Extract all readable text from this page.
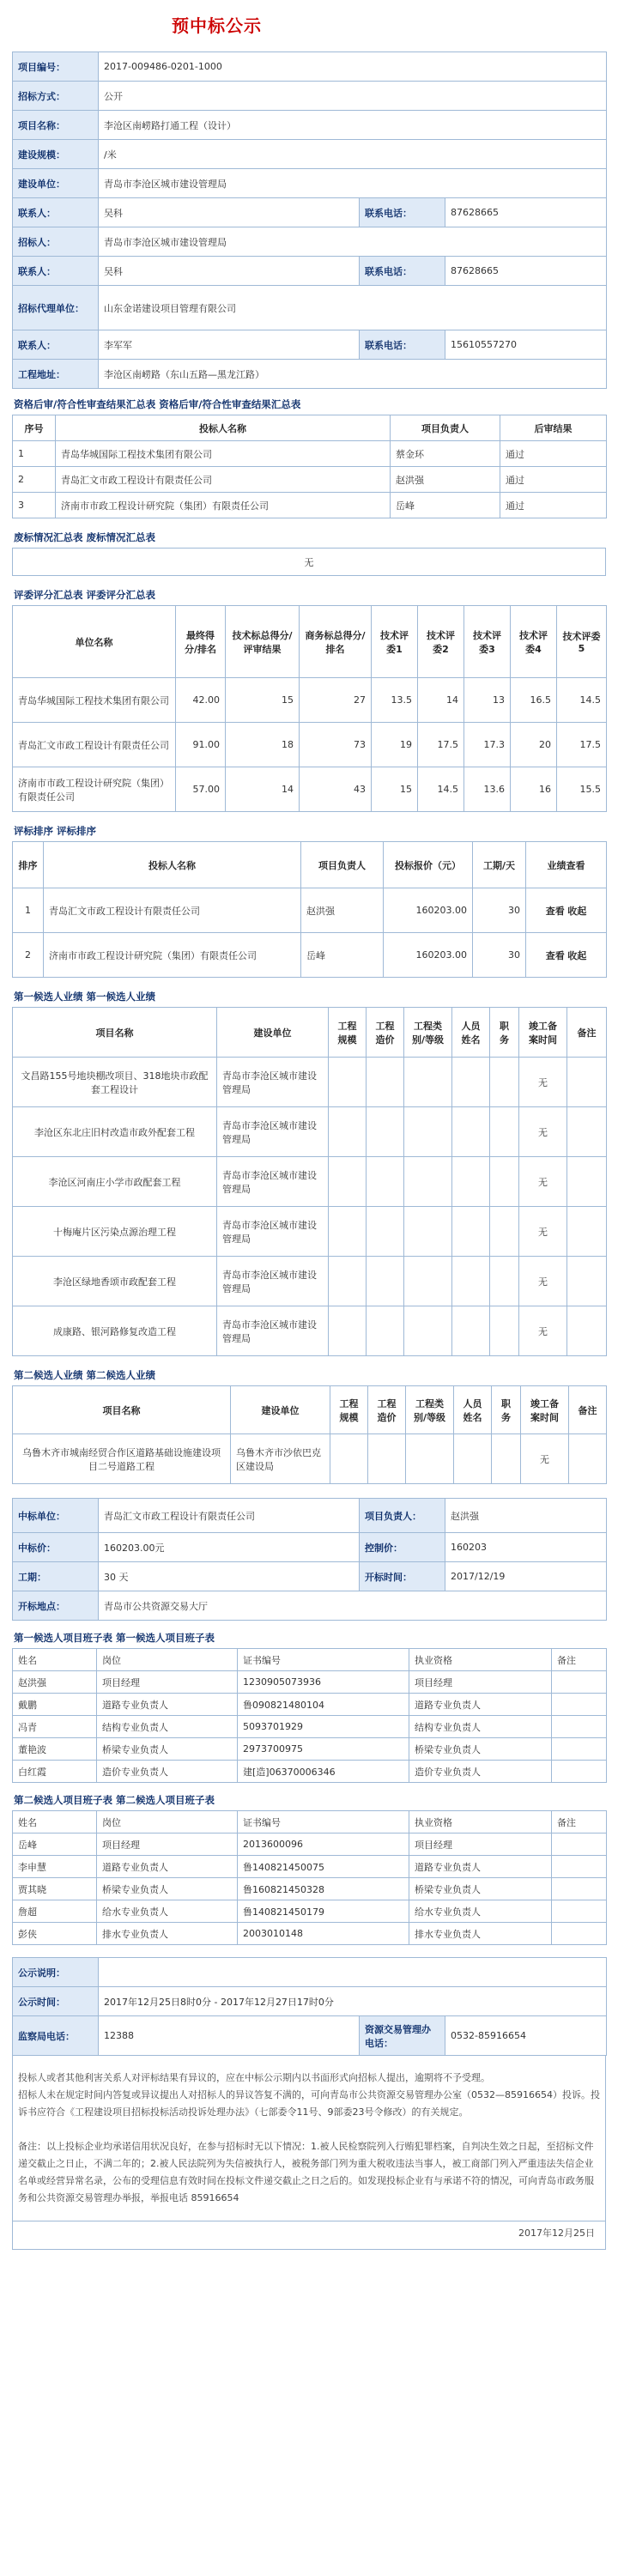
预中标公示
项目编号：	2017-009486-0201-1000		
招标方式：	公开		
项目名称：	李沧区南崂路打通工程（设计）		
建设规模：	/米		
建设单位：	青岛市李沧区城市建设管理局		
联系人：	吴科	联系电话：	87628665
招标人：	青岛市李沧区城市建设管理局		
联系人：	吴科	联系电话：	87628665
招标代理单位：	山东金诺建设项目管理有限公司		
联系人：	李军军	联系电话：	15610557270
工程地址：	李沧区南崂路（东山五路—黑龙江路）		
资格后审/符合性审查结果汇总表 资格后审/符合性审查结果汇总表
序号	投标人名称	项目负责人	后审结果
1	青岛华城国际工程技术集团有限公司	蔡金环	通过
2	青岛汇文市政工程设计有限责任公司	赵洪强	通过
3	济南市市政工程设计研究院（集团）有限责任公司	岳峰	通过
废标情况汇总表 废标情况汇总表
无
评委评分汇总表 评委评分汇总表
单位名称	最终得分/排名	技术标总得分/评审结果	商务标总得分/排名	技术评委1	技术评委2	技术评委3	技术评委4	技术评委5
青岛华城国际工程技术集团有限公司	42.00	15	27	13.5	14	13	16.5	14.5
青岛汇文市政工程设计有限责任公司	91.00	18	73	19	17.5	17.3	20	17.5
济南市市政工程设计研究院（集团）有限责任公司	57.00	14	43	15	14.5	13.6	16	15.5
评标排序 评标排序
排序	投标人名称	项目负责人	投标报价（元）	工期/天	业绩查看
1	青岛汇文市政工程设计有限责任公司	赵洪强	160203.00	30	查看 收起
2	济南市市政工程设计研究院（集团）有限责任公司	岳峰	160203.00	30	查看 收起
第一候选人业绩 第一候选人业绩
项目名称	建设单位	工程规模	工程造价	工程类别/等级	人员姓名	职务	竣工备案时间	备注
文昌路155号地块棚改项目、318地块市政配套工程设计	青岛市李沧区城市建设管理局						无	
李沧区东北庄旧村改造市政外配套工程	青岛市李沧区城市建设管理局						无	
李沧区河南庄小学市政配套工程	青岛市李沧区城市建设管理局						无	
十梅庵片区污染点源治理工程	青岛市李沧区城市建设管理局						无	
李沧区绿地香颂市政配套工程	青岛市李沧区城市建设管理局						无	
成康路、银河路修复改造工程	青岛市李沧区城市建设管理局						无	
第二候选人业绩 第二候选人业绩
项目名称	建设单位	工程规模	工程造价	工程类别/等级	人员姓名	职务	竣工备案时间	备注
乌鲁木齐市城南经贸合作区道路基础设施建设项目二号道路工程	乌鲁木齐市沙依巴克区建设局						无	
中标单位：	青岛汇文市政工程设计有限责任公司	项目负责人：	赵洪强
中标价：	160203.00元	控制价：	160203
工期：	30 天	开标时间：	2017/12/19
开标地点：	青岛市公共资源交易大厅		
第一候选人项目班子表 第一候选人项目班子表
姓名	岗位	证书编号	执业资格	备注
赵洪强	项目经理	1230905073936	项目经理	
戴鹏	道路专业负责人	鲁090821480104	道路专业负责人	
冯青	结构专业负责人	5093701929	结构专业负责人	
董艳波	桥梁专业负责人	2973700975	桥梁专业负责人	
白红霞	造价专业负责人	建[造]06370006346	造价专业负责人	
第二候选人项目班子表 第二候选人项目班子表
姓名	岗位	证书编号	执业资格	备注
岳峰	项目经理	2013600096	项目经理	
李申慧	道路专业负责人	鲁140821450075	道路专业负责人	
贾其晓	桥梁专业负责人	鲁160821450328	桥梁专业负责人	
詹超	给水专业负责人	鲁140821450179	给水专业负责人	
彭侠	排水专业负责人	2003010148	排水专业负责人	
公示说明：			
公示时间：	2017年12月25日8时0分 - 2017年12月27日17时0分		
监察局电话：	12388	资源交易管理办电话：	0532-85916654

投标人或者其他利害关系人对评标结果有异议的，应在中标公示期内以书面形式向招标人提出，逾期将不予受理。

招标人未在规定时间内答复或异议提出人对招标人的异议答复不满的，可向青岛市公共资源交易管理办公室（0532—85916654）投诉。投诉书应符合《工程建设项目招标投标活动投诉处理办法》（七部委令11号、9部委23号令修改）的有关规定。

备注：以上投标企业均承诺信用状况良好，在参与招标时无以下情况：1.被人民检察院列入行贿犯罪档案，自判决生效之日起，至招标文件递交截止之日止，不满二年的；2.被人民法院列为失信被执行人，被税务部门列为重大税收违法当事人，被工商部门列入严重违法失信企业名单或经营异常名录，公布的受理信息有效时间在投标文件递交截止之日之后的。如发现投标企业有与承诺不符的情况，可向青岛市政务服务和公共资源交易管理办举报，举报电话 85916654

2017年12月25日
